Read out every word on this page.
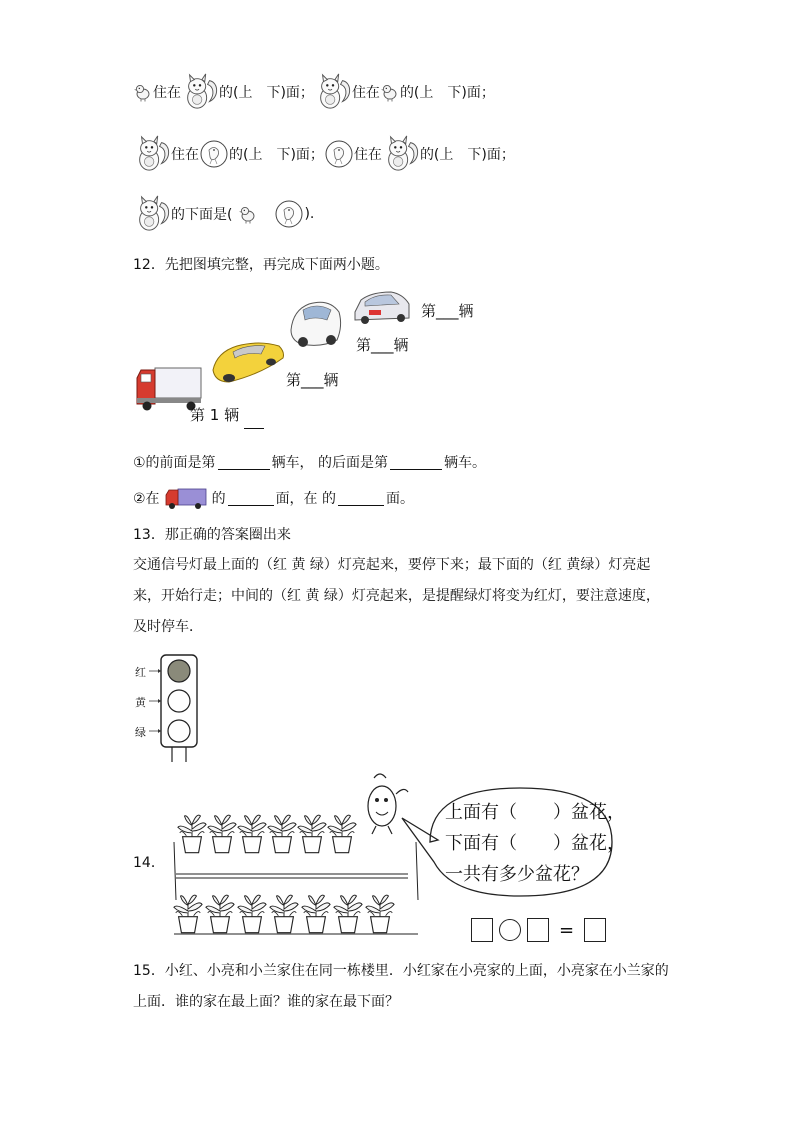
住在	的(上　下)面；	住在 的(上　下)面；
住在 的(上　下)面； 住在	的(上　下)面；
的下面是(	).
12．先把图填完整，再完成下面两小题。
第___辆
第___辆
第___辆
第 1 辆
①的前面是第	辆车， 的后面是第	辆车。
②在	的	面，在 的	面。
13．那正确的答案圈出来
交通信号灯最上面的（红 黄 绿）灯亮起来，要停下来；最下面的（红 黄绿）灯亮起
来，开始行走；中间的（红 黄 绿）灯亮起来，是提醒绿灯将变为红灯，要注意速度，
及时停车．
红
黄
绿
14．
上面有（　　）盆花，
下面有（　　）盆花，
一共有多少盆花？
=
15．小红、小亮和小兰家住在同一栋楼里．小红家在小亮家的上面，小亮家在小兰家的
上面．谁的家在最上面？谁的家在最下面？
